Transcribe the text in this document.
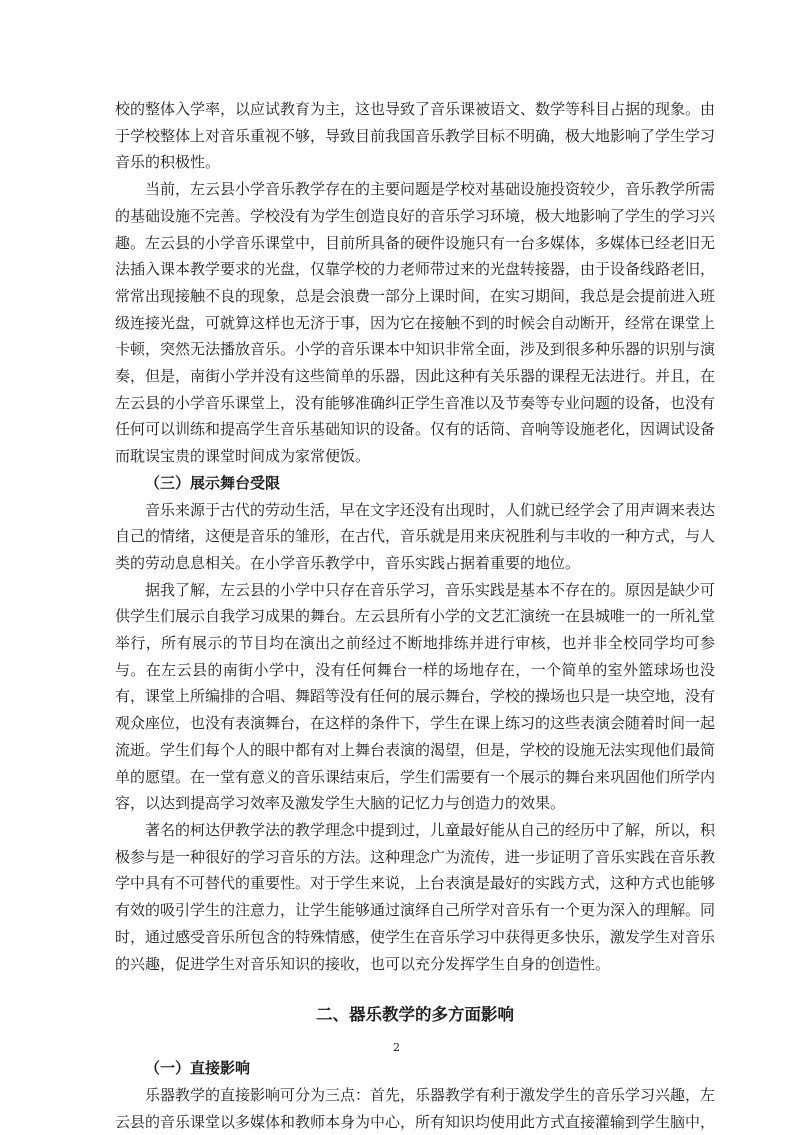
校的整体入学率，以应试教育为主，这也导致了音乐课被语文、数学等科目占据的现象。由于学校整体上对音乐重视不够，导致目前我国音乐教学目标不明确，极大地影响了学生学习音乐的积极性。

当前，左云县小学音乐教学存在的主要问题是学校对基础设施投资较少，音乐教学所需的基础设施不完善。学校没有为学生创造良好的音乐学习环境，极大地影响了学生的学习兴趣。左云县的小学音乐课堂中，目前所具备的硬件设施只有一台多媒体，多媒体已经老旧无法插入课本教学要求的光盘，仅靠学校的力老师带过来的光盘转接器，由于设备线路老旧，常常出现接触不良的现象，总是会浪费一部分上课时间，在实习期间，我总是会提前进入班级连接光盘，可就算这样也无济于事，因为它在接触不到的时候会自动断开，经常在课堂上卡顿，突然无法播放音乐。小学的音乐课本中知识非常全面，涉及到很多种乐器的识别与演奏，但是，南街小学并没有这些简单的乐器，因此这种有关乐器的课程无法进行。并且，在左云县的小学音乐课堂上，没有能够准确纠正学生音准以及节奏等专业问题的设备，也没有任何可以训练和提高学生音乐基础知识的设备。仅有的话筒、音响等设施老化，因调试设备而耽误宝贵的课堂时间成为家常便饭。

（三）展示舞台受限

音乐来源于古代的劳动生活，早在文字还没有出现时，人们就已经学会了用声调来表达自己的情绪，这便是音乐的雏形，在古代，音乐就是用来庆祝胜利与丰收的一种方式，与人类的劳动息息相关。在小学音乐教学中，音乐实践占据着重要的地位。

据我了解，左云县的小学中只存在音乐学习，音乐实践是基本不存在的。原因是缺少可供学生们展示自我学习成果的舞台。左云县所有小学的文艺汇演统一在县城唯一的一所礼堂举行，所有展示的节目均在演出之前经过不断地排练并进行审核，也并非全校同学均可参与。在左云县的南街小学中，没有任何舞台一样的场地存在，一个简单的室外篮球场也没有，课堂上所编排的合唱、舞蹈等没有任何的展示舞台，学校的操场也只是一块空地，没有观众座位，也没有表演舞台，在这样的条件下，学生在课上练习的这些表演会随着时间一起流逝。学生们每个人的眼中都有对上舞台表演的渴望，但是，学校的设施无法实现他们最简单的愿望。在一堂有意义的音乐课结束后，学生们需要有一个展示的舞台来巩固他们所学内容，以达到提高学习效率及激发学生大脑的记忆力与创造力的效果。

著名的柯达伊教学法的教学理念中提到过，儿童最好能从自己的经历中了解，所以，积极参与是一种很好的学习音乐的方法。这种理念广为流传，进一步证明了音乐实践在音乐教学中具有不可替代的重要性。对于学生来说，上台表演是最好的实践方式，这种方式也能够有效的吸引学生的注意力，让学生能够通过演绎自己所学对音乐有一个更为深入的理解。同时，通过感受音乐所包含的特殊情感，使学生在音乐学习中获得更多快乐，激发学生对音乐的兴趣，促进学生对音乐知识的接收，也可以充分发挥学生自身的创造性。

二、器乐教学的多方面影响
（一）直接影响

乐器教学的直接影响可分为三点：首先，乐器教学有利于激发学生的音乐学习兴趣，左云县的音乐课堂以多媒体和教师本身为中心，所有知识均使用此方式直接灌输到学生脑中，

2
